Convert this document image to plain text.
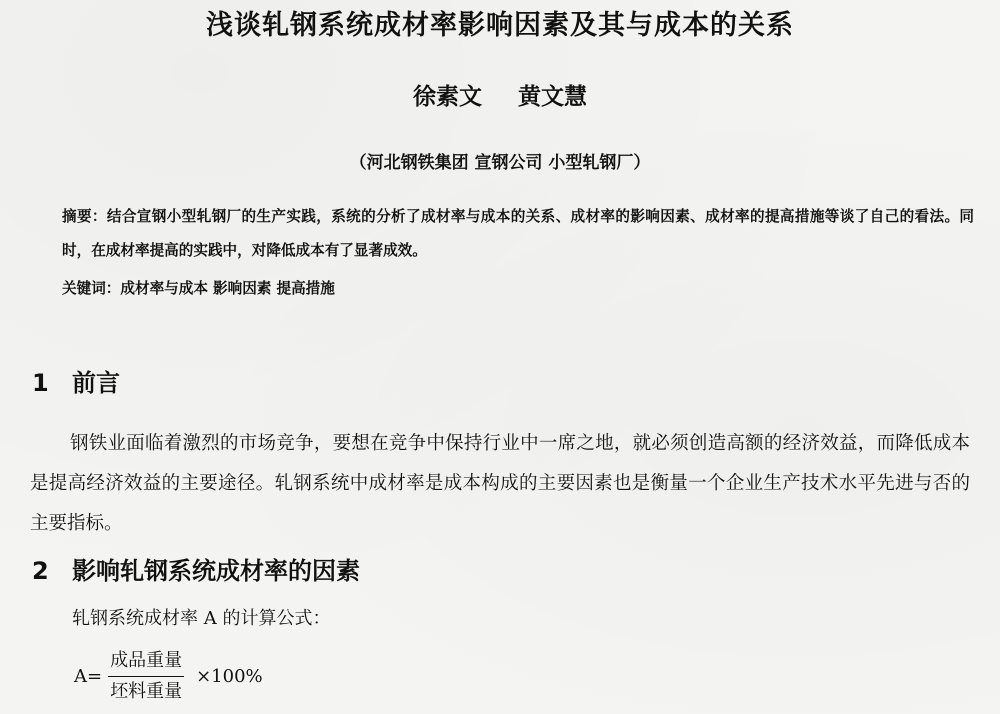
浅谈轧钢系统成材率影响因素及其与成本的关系
徐素文 黄文慧
（河北钢铁集团 宣钢公司 小型轧钢厂）
摘要：结合宣钢小型轧钢厂的生产实践，系统的分析了成材率与成本的关系、成材率的影响因素、成材率的提高措施等谈了自己的看法。同时，在成材率提高的实践中，对降低成本有了显著成效。
关键词：成材率与成本 影响因素 提高措施
1 前言
钢铁业面临着激烈的市场竞争，要想在竞争中保持行业中一席之地，就必须创造高额的经济效益，而降低成本是提高经济效益的主要途径。轧钢系统中成材率是成本构成的主要因素也是衡量一个企业生产技术水平先进与否的主要指标。
2 影响轧钢系统成材率的因素
轧钢系统成材率 A 的计算公式：
$A= \frac{\text{成品重量}}{\text{坯料重量}} \times 100\%$
